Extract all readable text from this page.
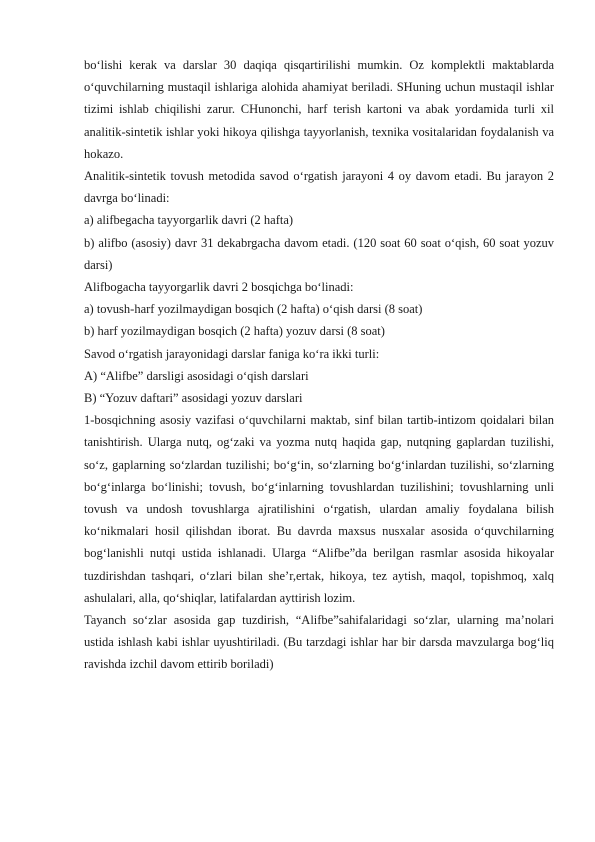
bo‘lishi kerak va darslar 30 daqiqa qisqartirilishi mumkin. Oz komplektli maktablarda o‘quvchilarning mustaqil ishlariga alohida ahamiyat beriladi. SHuning uchun mustaqil ishlar tizimi ishlab chiqilishi zarur. CHunonchi, harf terish kartoni va abak yordamida turli xil analitik-sintetik ishlar yoki hikoya qilishga tayyorlanish, texnika vositalaridan foydalanish va hokazo.

Analitik-sintetik tovush metodida savod o‘rgatish jarayoni 4 oy davom etadi. Bu jarayon 2 davrga bo‘linadi:

a) alifbegacha tayyorgarlik davri (2 hafta)

b) alifbo (asosiy) davr 31 dekabrgacha davom etadi. (120 soat 60 soat o‘qish, 60 soat yozuv darsi)

Alifbogacha tayyorgarlik davri 2 bosqichga bo‘linadi:

a) tovush-harf yozilmaydigan bosqich (2 hafta) o‘qish darsi (8 soat)

b) harf yozilmaydigan bosqich (2 hafta) yozuv darsi (8 soat)

Savod o‘rgatish jarayonidagi darslar faniga ko‘ra ikki turli:

A) “Alifbe” darsligi asosidagi o‘qish darslari

B) “Yozuv daftari” asosidagi yozuv darslari

1-bosqichning asosiy vazifasi o‘quvchilarni maktab, sinf bilan tartib-intizom qoidalari bilan tanishtirish. Ularga nutq, og‘zaki va yozma nutq haqida gap, nutqning gaplardan tuzilishi, so‘z, gaplarning so‘zlardan tuzilishi; bo‘g‘in, so‘zlarning bo‘g‘inlardan tuzilishi, so‘zlarning bo‘g‘inlarga bo‘linishi; tovush, bo‘g‘inlarning tovushlardan tuzilishini; tovushlarning unli tovush va undosh tovushlarga ajratilishini o‘rgatish, ulardan amaliy foydalana bilish ko‘nikmalari hosil qilishdan iborat. Bu davrda maxsus nusxalar asosida o‘quvchilarning bog‘lanishli nutqi ustida ishlanadi. Ularga “Alifbe”da berilgan rasmlar asosida hikoyalar tuzdirishdan tashqari, o‘zlari bilan she’r,ertak, hikoya, tez aytish, maqol, topishmoq, xalq ashulalari, alla, qo‘shiqlar, latifalardan ayttirish lozim.

Tayanch so‘zlar asosida gap tuzdirish, “Alifbe”sahifalaridagi so‘zlar, ularning ma’nolari ustida ishlash kabi ishlar uyushtiriladi. (Bu tarzdagi ishlar har bir darsda mavzularga bog‘liq ravishda izchil davom ettirib boriladi)
